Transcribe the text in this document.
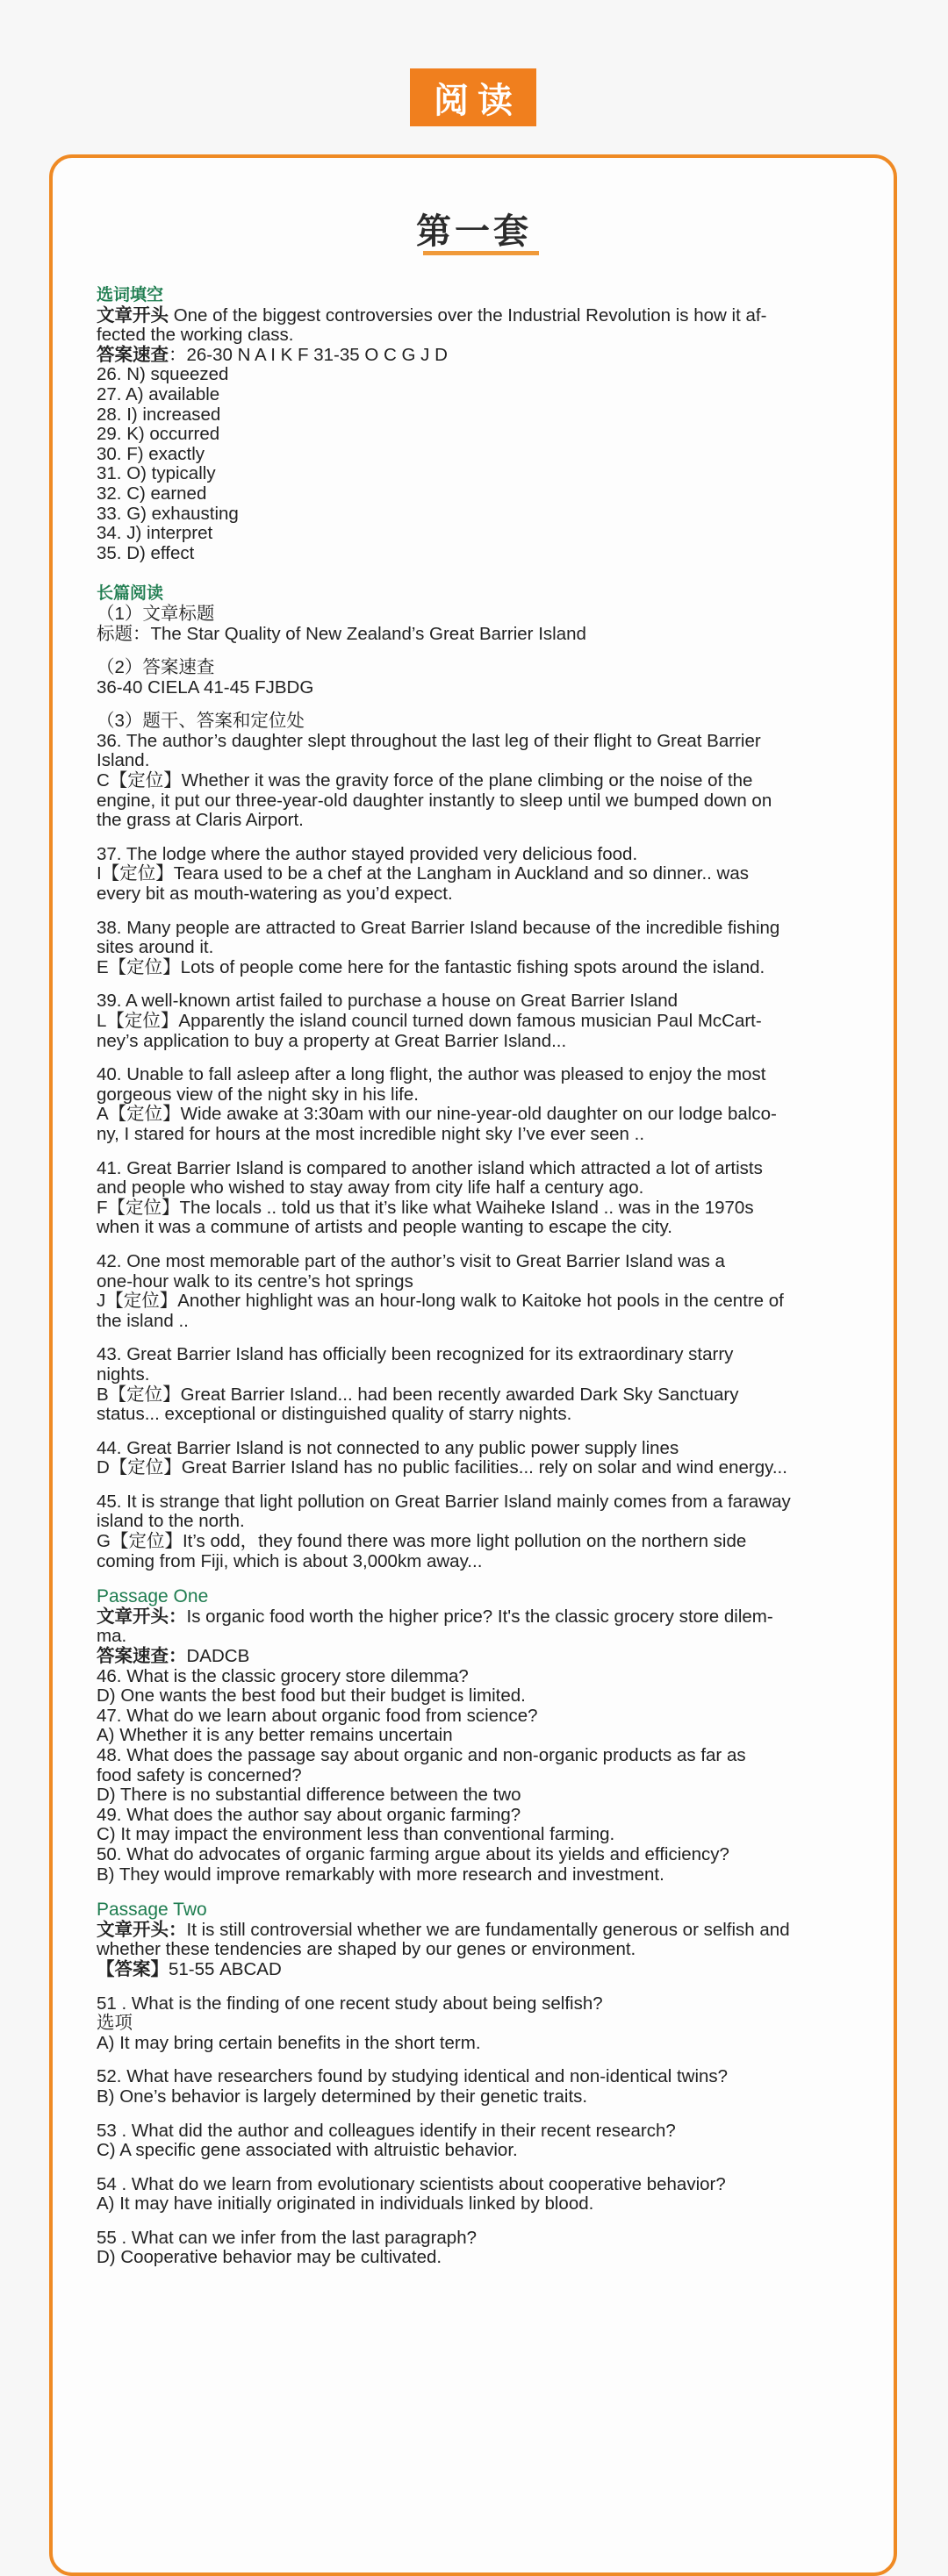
阅读
第一套

选词填空

文章开头 One of the biggest controversies over the Industrial Revolution is how it af-

fected the working class.

答案速查：26-30 N A I K F 31-35 O C G J D

26. N) squeezed

27. A) available

28. I) increased

29. K) occurred

30. F) exactly

31. O) typically

32. C) earned

33. G) exhausting

34. J) interpret

35. D) effect

长篇阅读

（1）文章标题

标题：The Star Quality of New Zealand’s Great Barrier Island

（2）答案速查

36-40 CIELA 41-45 FJBDG

（3）题干、答案和定位处

36. The author’s daughter slept throughout the last leg of their flight to Great Barrier

Island.

C【定位】Whether it was the gravity force of the plane climbing or the noise of the

engine, it put our three-year-old daughter instantly to sleep until we bumped down on

the grass at Claris Airport.

37. The lodge where the author stayed provided very delicious food.

I【定位】Teara used to be a chef at the Langham in Auckland and so dinner.. was

every bit as mouth-watering as you’d expect.

38. Many people are attracted to Great Barrier Island because of the incredible fishing

sites around it.

E【定位】Lots of people come here for the fantastic fishing spots around the island.

39. A well-known artist failed to purchase a house on Great Barrier Island

L【定位】Apparently the island council turned down famous musician Paul McCart-

ney’s application to buy a property at Great Barrier Island...

40. Unable to fall asleep after a long flight, the author was pleased to enjoy the most

gorgeous view of the night sky in his life.

A【定位】Wide awake at 3:30am with our nine-year-old daughter on our lodge balco-

ny, I stared for hours at the most incredible night sky I’ve ever seen ..

41. Great Barrier Island is compared to another island which attracted a lot of artists

and people who wished to stay away from city life half a century ago.

F【定位】The locals .. told us that it’s like what Waiheke Island .. was in the 1970s

when it was a commune of artists and people wanting to escape the city.

42. One most memorable part of the author’s visit to Great Barrier Island was a

one-hour walk to its centre’s hot springs

J【定位】Another highlight was an hour-long walk to Kaitoke hot pools in the centre of

the island ..

43. Great Barrier Island has officially been recognized for its extraordinary starry

nights.

B【定位】Great Barrier Island... had been recently awarded Dark Sky Sanctuary

status... exceptional or distinguished quality of starry nights.

44. Great Barrier Island is not connected to any public power supply lines

D【定位】Great Barrier Island has no public facilities... rely on solar and wind energy...

45. It is strange that light pollution on Great Barrier Island mainly comes from a faraway

island to the north.

G【定位】It’s odd，they found there was more light pollution on the northern side

coming from Fiji, which is about 3,000km away...

Passage One

文章开头：Is organic food worth the higher price? It's the classic grocery store dilem-

ma.

答案速查：DADCB

46. What is the classic grocery store dilemma?

D) One wants the best food but their budget is limited.

47. What do we learn about organic food from science?

A) Whether it is any better remains uncertain

48. What does the passage say about organic and non-organic products as far as

food safety is concerned?

D) There is no substantial difference between the two

49. What does the author say about organic farming?

C) It may impact the environment less than conventional farming.

50. What do advocates of organic farming argue about its yields and efficiency?

B) They would improve remarkably with more research and investment.

Passage Two

文章开头：It is still controversial whether we are fundamentally generous or selfish and

whether these tendencies are shaped by our genes or environment.

【答案】51-55 ABCAD

51 . What is the finding of one recent study about being selfish?

选项

A) It may bring certain benefits in the short term.

52. What have researchers found by studying identical and non-identical twins?

B) One’s behavior is largely determined by their genetic traits.

53 . What did the author and colleagues identify in their recent research?

C) A specific gene associated with altruistic behavior.

54 . What do we learn from evolutionary scientists about cooperative behavior?

A) It may have initially originated in individuals linked by blood.

55 . What can we infer from the last paragraph?

D) Cooperative behavior may be cultivated.
